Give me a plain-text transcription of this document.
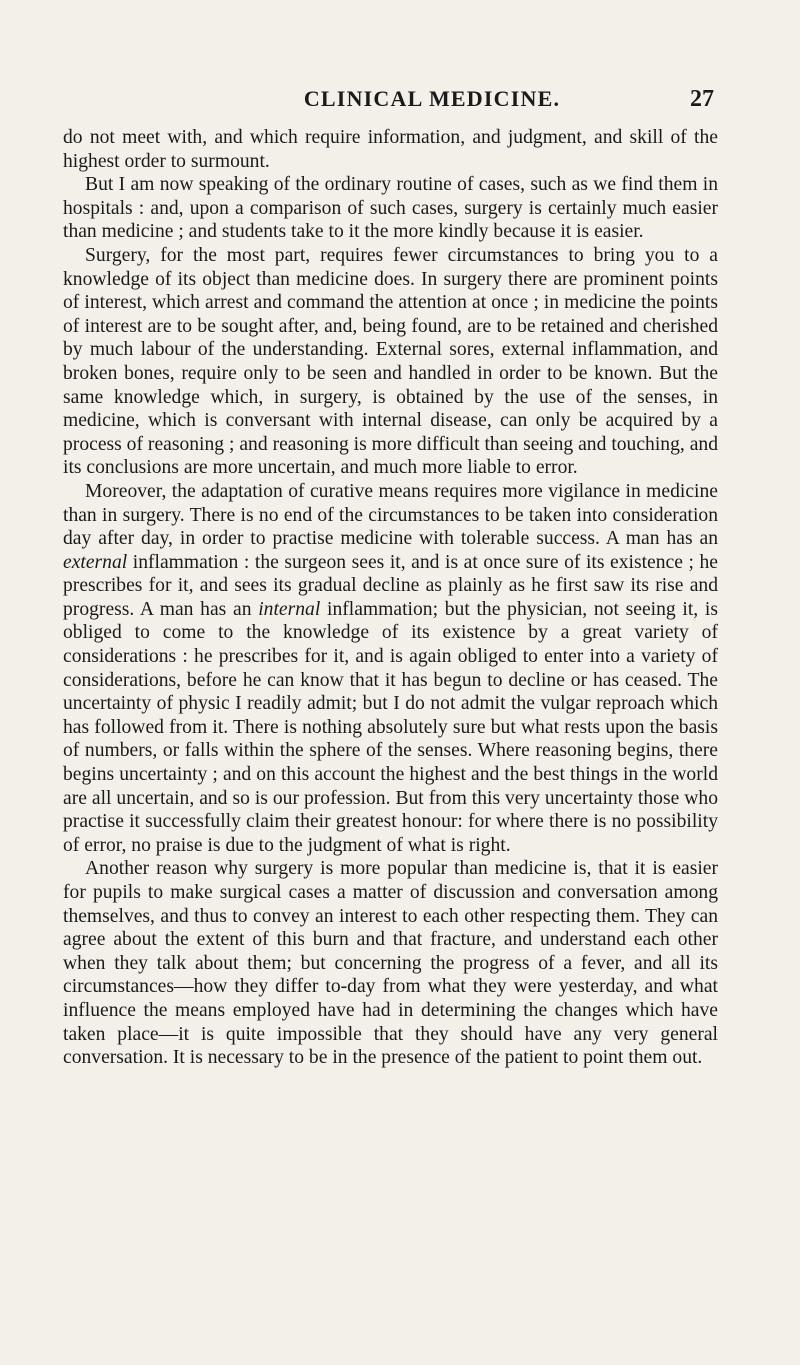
CLINICAL MEDICINE.	27

do not meet with, and which require information, and judgment, and skill of the highest order to surmount.

But I am now speaking of the ordinary routine of cases, such as we find them in hospitals : and, upon a comparison of such cases, surgery is certainly much easier than medicine ; and students take to it the more kindly because it is easier.

Surgery, for the most part, requires fewer circumstances to bring you to a knowledge of its object than medicine does. In surgery there are prominent points of interest, which arrest and command the attention at once ; in medicine the points of interest are to be sought after, and, being found, are to be retained and cherished by much labour of the understanding. External sores, external inflammation, and broken bones, require only to be seen and handled in order to be known. But the same knowledge which, in surgery, is obtained by the use of the senses, in medicine, which is conversant with internal disease, can only be acquired by a process of reasoning ; and reasoning is more difficult than seeing and touching, and its conclusions are more uncertain, and much more liable to error.

Moreover, the adaptation of curative means requires more vigilance in medicine than in surgery. There is no end of the circumstances to be taken into consideration day after day, in order to practise medicine with tolerable success. A man has an external inflammation : the surgeon sees it, and is at once sure of its existence ; he prescribes for it, and sees its gradual decline as plainly as he first saw its rise and progress. A man has an internal inflammation; but the physician, not seeing it, is obliged to come to the knowledge of its existence by a great variety of considerations : he prescribes for it, and is again obliged to enter into a variety of considerations, before he can know that it has begun to decline or has ceased. The uncertainty of physic I readily admit; but I do not admit the vulgar reproach which has followed from it. There is nothing absolutely sure but what rests upon the basis of numbers, or falls within the sphere of the senses. Where reasoning begins, there begins uncertainty ; and on this account the highest and the best things in the world are all uncertain, and so is our profession. But from this very uncertainty those who practise it successfully claim their greatest honour: for where there is no possibility of error, no praise is due to the judgment of what is right.

Another reason why surgery is more popular than medicine is, that it is easier for pupils to make surgical cases a matter of discussion and conversation among themselves, and thus to convey an interest to each other respecting them. They can agree about the extent of this burn and that fracture, and understand each other when they talk about them; but concerning the progress of a fever, and all its circumstances—how they differ to-day from what they were yesterday, and what influence the means employed have had in determining the changes which have taken place—it is quite impossible that they should have any very general conversation. It is necessary to be in the presence of the patient to point them out.
